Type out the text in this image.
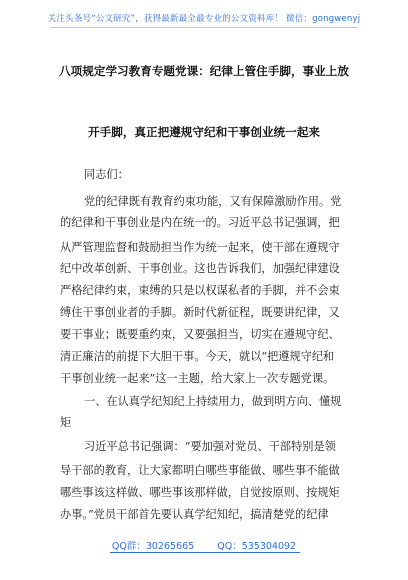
关注头条号“公文研究”，获得最新最全最专业的公文资料库！ 微信：gongwenyj
八项规定学习教育专题党课：纪律上管住手脚，事业上放
开手脚，真正把遵规守纪和干事创业统一起来
同志们：
党的纪律既有教育约束功能，又有保障激励作用。党
的纪律和干事创业是内在统一的。习近平总书记强调，把
从严管理监督和鼓励担当作为统一起来，使干部在遵规守
纪中改革创新、干事创业。这也告诉我们，加强纪律建设
严格纪律约束，束缚的只是以权谋私者的手脚，并不会束
缚住干事创业者的手脚。新时代新征程，既要讲纪律，又
要干事业；既要重约束，又要强担当，切实在遵规守纪、
清正廉洁的前提下大胆干事。今天，就以“把遵规守纪和
干事创业统一起来”这一主题，给大家上一次专题党课。
一、在认真学纪知纪上持续用力，做到明方向、懂规
矩
习近平总书记强调：“要加强对党员、干部特别是领
导干部的教育，让大家都明白哪些事能做、哪些事不能做
哪些事该这样做、哪些事该那样做，自觉按原则、按规矩
办事。”党员干部首先要认真学纪知纪，搞清楚党的纪律
QQ群：30265665 QQ：535304092
